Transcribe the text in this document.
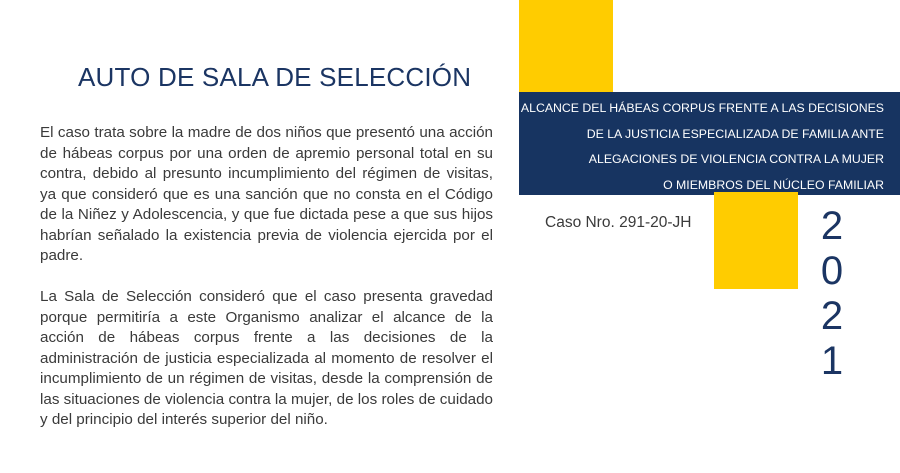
AUTO DE SALA DE SELECCIÓN

El caso trata sobre la madre de dos niños que presentó una acción de hábeas corpus por una orden de apremio personal total en su contra, debido al presunto incumplimiento del régimen de visitas, ya que consideró que es una sanción que no consta en el Código de la Niñez y Adolescencia, y que fue dictada pese a que sus hijos habrían señalado la existencia previa de violencia ejercida por el padre.

La Sala de Selección consideró que el caso presenta gravedad porque permitiría a este Organismo analizar el alcance de la acción de hábeas corpus frente a las decisiones de la administración de justicia especializada al momento de resolver el incumplimiento de un régimen de visitas, desde la comprensión de las situaciones de violencia contra la mujer, de los roles de cuidado y del principio del interés superior del niño.

ALCANCE DEL HÁBEAS CORPUS FRENTE A LAS DECISIONES
DE LA JUSTICIA ESPECIALIZADA DE FAMILIA ANTE
ALEGACIONES DE VIOLENCIA CONTRA LA MUJER
O MIEMBROS DEL NÚCLEO FAMILIAR
Caso Nro. 291-20-JH	2
0
2
1
